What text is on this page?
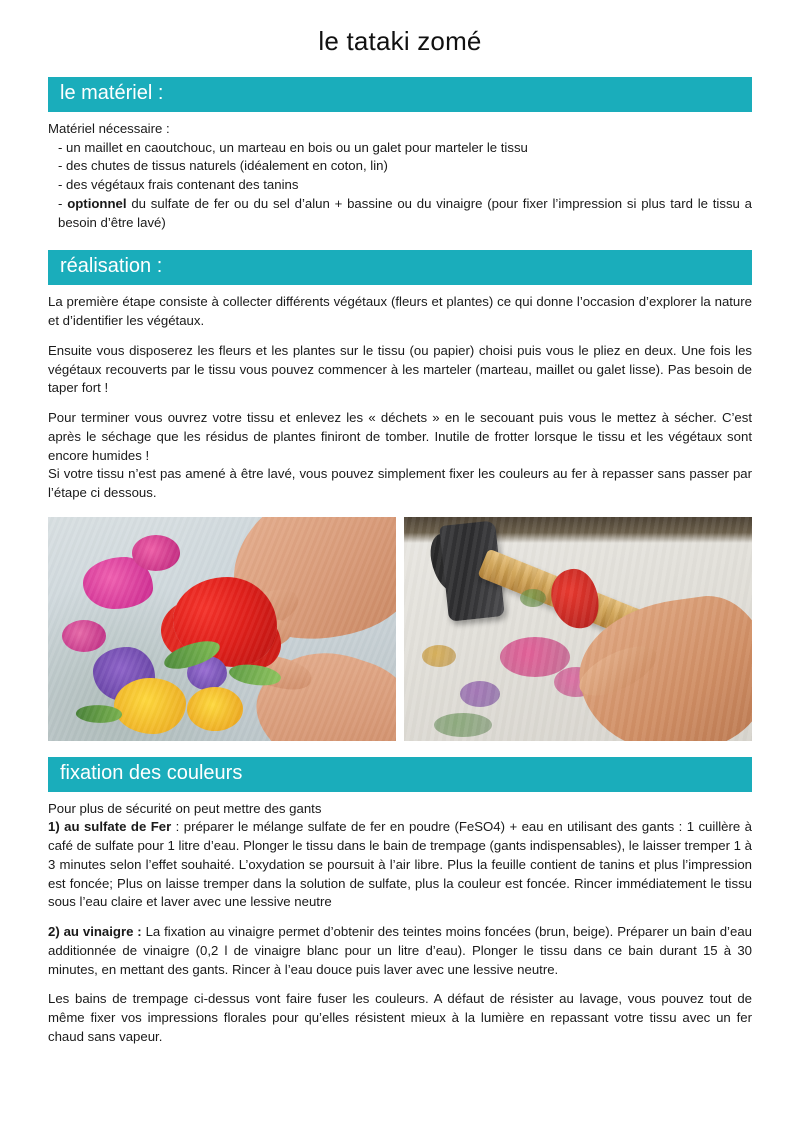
le tataki zomé
le matériel :

Matériel nécessaire :

- un maillet en caoutchouc, un marteau en bois ou un galet pour marteler le tissu

- des chutes de tissus naturels (idéalement en coton, lin)

- des végétaux frais contenant des tanins

- optionnel du sulfate de fer ou du sel d’alun + bassine ou du vinaigre (pour fixer l’impression si plus tard le tissu a besoin d’être lavé)

réalisation :

La première étape consiste à collecter différents végétaux (fleurs et plantes) ce qui donne l’occasion d’explorer la nature et d’identifier les végétaux.

Ensuite vous disposerez les fleurs et les plantes sur le tissu (ou papier) choisi puis vous le pliez en deux. Une fois les végétaux recouverts par le tissu vous pouvez commencer à les marteler (marteau, maillet ou galet lisse). Pas besoin de taper fort !

Pour terminer vous ouvrez votre tissu et enlevez les « déchets » en le secouant puis vous le mettez à sécher. C’est après le séchage que les résidus de plantes finiront de tomber. Inutile de frotter lorsque le tissu et les végétaux sont encore humides !

Si votre tissu n’est pas amené à être lavé, vous pouvez simplement fixer les couleurs au fer à repasser sans passer par l’étape ci dessous.

fixation des couleurs

Pour plus de sécurité on peut mettre des gants

1) au sulfate de Fer : préparer le mélange sulfate de fer en poudre (FeSO4) + eau en utilisant des gants : 1 cuillère à café de sulfate pour 1 litre d’eau. Plonger le tissu dans le bain de trempage (gants indispensables), le laisser tremper 1 à 3 minutes selon l’effet souhaité. L’oxydation se poursuit à l’air libre. Plus la feuille contient de tanins et plus l’impression est foncée; Plus on laisse tremper dans la solution de sulfate, plus la couleur est foncée. Rincer immédiatement le tissu sous l’eau claire et laver avec une lessive neutre

2) au vinaigre : La fixation au vinaigre permet d’obtenir des teintes moins foncées (brun, beige). Préparer un bain d’eau additionnée de vinaigre (0,2 l de vinaigre blanc pour un litre d’eau). Plonger le tissu dans ce bain durant 15 à 30 minutes, en mettant des gants. Rincer à l’eau douce puis laver avec une lessive neutre.

Les bains de trempage ci-dessus vont faire fuser les couleurs. A défaut de résister au lavage, vous pouvez tout de même fixer vos impressions florales pour qu’elles résistent mieux à la lumière en repassant votre tissu avec un fer chaud sans vapeur.
